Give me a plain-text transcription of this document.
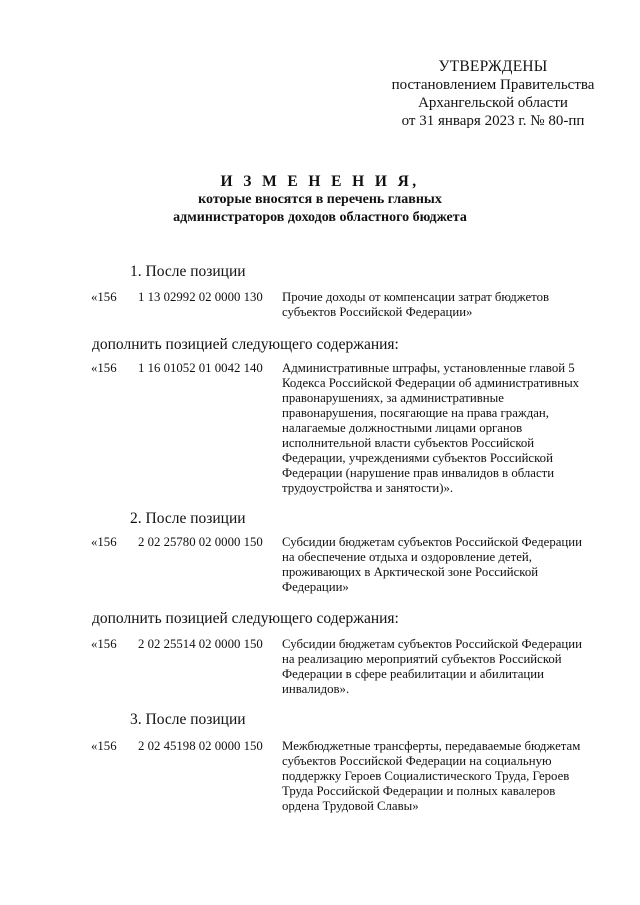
УТВЕРЖДЕНЫ
постановлением Правительства
Архангельской области
от 31 января 2023 г. № 80-пп
И З М Е Н Е Н И Я,
которые вносятся в перечень главных
администраторов доходов областного бюджета
1. После позиции
«156 1 13 02992 02 0000 130 Прочие доходы от компенсации затрат бюджетов
субъектов Российской Федерации»
дополнить позицией следующего содержания:
«156 1 16 01052 01 0042 140 Административные штрафы, установленные главой 5
Кодекса Российской Федерации об административных
правонарушениях, за административные
правонарушения, посягающие на права граждан,
налагаемые должностными лицами органов
исполнительной власти субъектов Российской
Федерации, учреждениями субъектов Российской
Федерации (нарушение прав инвалидов в области
трудоустройства и занятости)».
2. После позиции
«156 2 02 25780 02 0000 150 Субсидии бюджетам субъектов Российской Федерации
на обеспечение отдыха и оздоровление детей,
проживающих в Арктической зоне Российской
Федерации»
дополнить позицией следующего содержания:
«156 2 02 25514 02 0000 150 Субсидии бюджетам субъектов Российской Федерации
на реализацию мероприятий субъектов Российской
Федерации в сфере реабилитации и абилитации
инвалидов».
3. После позиции
«156 2 02 45198 02 0000 150 Межбюджетные трансферты, передаваемые бюджетам
субъектов Российской Федерации на социальную
поддержку Героев Социалистического Труда, Героев
Труда Российской Федерации и полных кавалеров
ордена Трудовой Славы»
